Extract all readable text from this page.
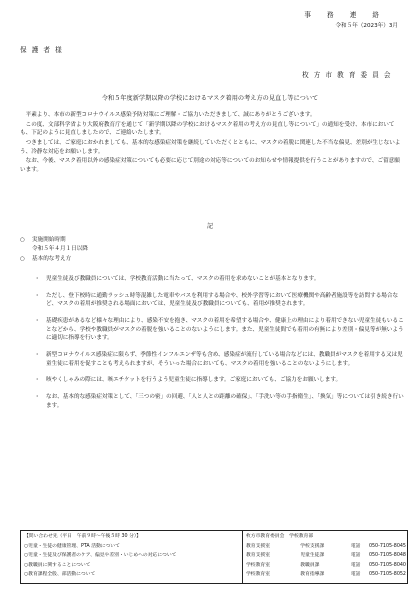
事 務 連 絡
令和５年（2023年）3月
保 護 者 様
枚 方 市 教 育 委 員 会
令和５年度新学期以降の学校におけるマスク着用の考え方の見直し等について

　平素より、本市の新型コロナウイルス感染予防対策にご理解・ご協力いただきまして、誠にありがとうございます。

　この度、文部科学省より大阪府教育庁を通じて「新学期以降の学校におけるマスク着用の考え方の見直し等について」の通知を受け、本市においても、下記のように見直しましたので、ご連絡いたします。

　つきましては、ご家庭におかれましても、基本的な感染症対策を継続していただくとともに、マスクの着脱に関連した不当な偏見、差別が生じないよう、冷静な対応をお願いします。

　なお、今後、マスク着用以外の感染症対策についても必要に応じて別途の対応等についてのお知らせや情報提供を行うことがありますので、ご留意願います。

記
○	実施開始時期
令和５年４月１日以降
○	基本的な考え方
・	児童生徒及び教職員については、学校教育活動に当たって、マスクの着用を求めないことが基本となります。
・	ただし、登下校時に通勤ラッシュ時等混雑した電車やバスを利用する場合や、校外学習等において医療機関や高齢者施設等を訪問する場合など、マスクの着用が推奨される場面においては、児童生徒及び教職員についても、着用が推奨されます。
・	基礎疾患があるなど様々な理由により、感染不安を抱き、マスクの着用を希望する場合や、健康上の理由により着用できない児童生徒もいることなどから、学校や教職員がマスクの着脱を強いることのないようにします。また、児童生徒間でも着用の有無により差別・偏見等が無いように適切に指導を行います。
・	新型コロナウイルス感染症に限らず、季節性インフルエンザ等も含め、感染症が流行している場合などには、教職員がマスクを着用する又は児童生徒に着用を促すことも考えられますが、そういった場合においても、マスクの着用を強いることのないようにします。
・	咳やくしゃみの際には、咳エチケットを行うよう児童生徒に指導します。ご家庭においても、ご協力をお願いします。
・	なお、基本的な感染症対策として、「三つの密」の回避、「人と人との距離の確保」、「手洗い等の手指衛生」、「換気」等については引き続き行います。
【問い合わせ先（平日　午前９時～午後５時 30 分）】
○児童・生徒の健康管理、PTA 活動について
○児童・生徒及び保護者のケア、偏見や差別・いじめへの対応について
○教職員に関することについて
○教育課程全般、部活動について
枚方市教育委員会　学校教育部
教育支援室	学校支援課	電話	050-7105-8045
教育支援室	児童生徒課	電話	050-7105-8048
学校教育室	教職員課	電話	050-7105-8040
学校教育室	教育指導課	電話	050-7105-8052
